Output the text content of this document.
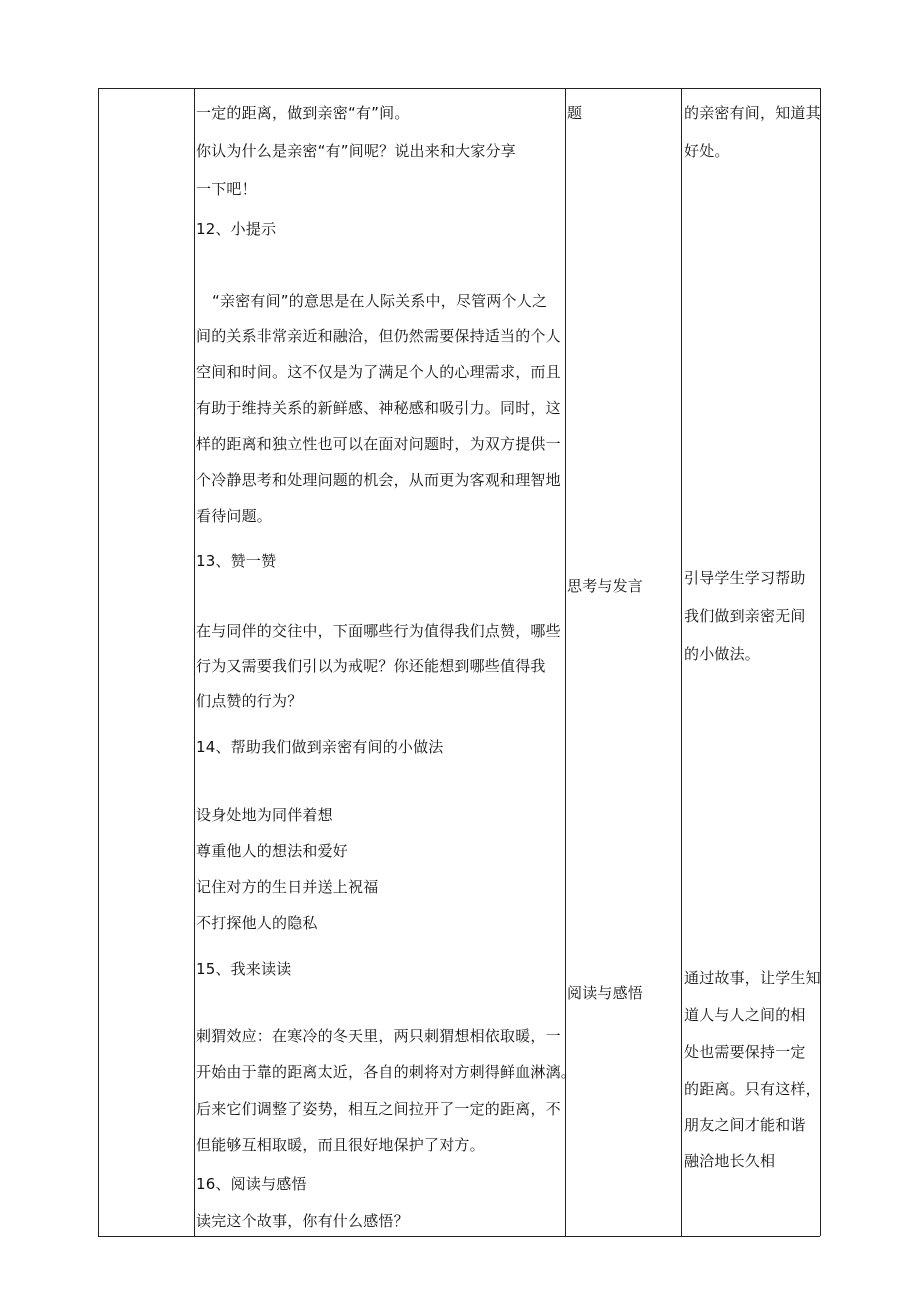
一定的距离，做到亲密“有”间。
你认为什么是亲密“有”间呢？说出来和大家分享
一下吧！
12、小提示
“亲密有间”的意思是在人际关系中，尽管两个人之
间的关系非常亲近和融洽，但仍然需要保持适当的个人
空间和时间。这不仅是为了满足个人的心理需求，而且
有助于维持关系的新鲜感、神秘感和吸引力。同时，这
样的距离和独立性也可以在面对问题时，为双方提供一
个冷静思考和处理问题的机会，从而更为客观和理智地
看待问题。
13、赞一赞
在与同伴的交往中，下面哪些行为值得我们点赞，哪些
行为又需要我们引以为戒呢？你还能想到哪些值得我
们点赞的行为？
14、帮助我们做到亲密有间的小做法
设身处地为同伴着想
尊重他人的想法和爱好
记住对方的生日并送上祝福
不打探他人的隐私
15、我来读读
刺猬效应：在寒冷的冬天里，两只刺猬想相依取暖，一
开始由于靠的距离太近，各自的刺将对方刺得鲜血淋漓。
后来它们调整了姿势，相互之间拉开了一定的距离，不
但能够互相取暖，而且很好地保护了对方。
16、阅读与感悟
读完这个故事，你有什么感悟？
题
思考与发言
阅读与感悟
的亲密有间，知道其
好处。
引导学生学习帮助
我们做到亲密无间
的小做法。
通过故事，让学生知
道人与人之间的相
处也需要保持一定
的距离。只有这样，
朋友之间才能和谐
融洽地长久相
